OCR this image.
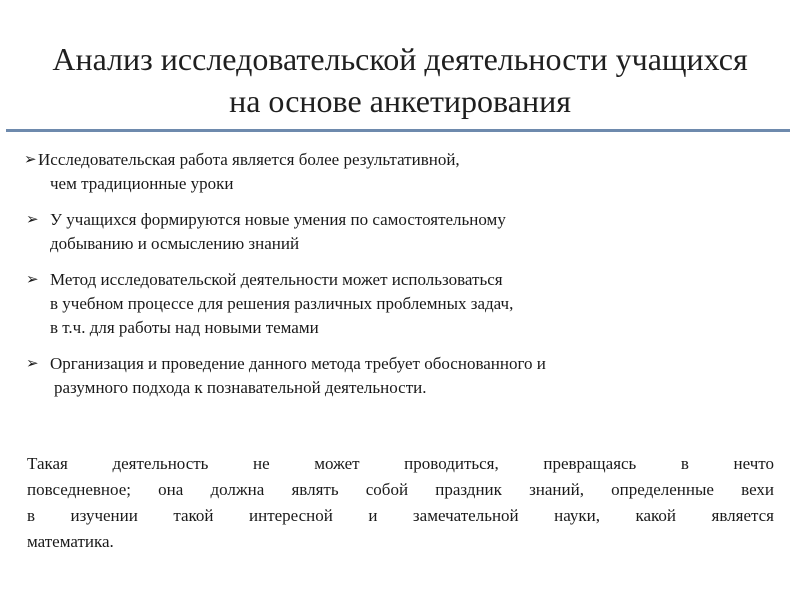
Анализ исследовательской деятельности учащихся
на основе анкетирования
➢ Исследовательская работа является более результативной,
чем традиционные уроки
➢ У учащихся формируются новые умения по самостоятельному
добыванию и осмыслению знаний
➢ Метод исследовательской деятельности может использоваться
в учебном процессе для решения различных проблемных задач,
в т.ч. для работы над новыми темами
➢ Организация и проведение данного метода требует обоснованного и
разумного подхода к познавательной деятельности.
Такая деятельность не может проводиться, превращаясь в нечто
повседневное; она должна являть собой праздник знаний, определенные вехи
в изучении такой интересной и замечательной науки, какой является
математика.
